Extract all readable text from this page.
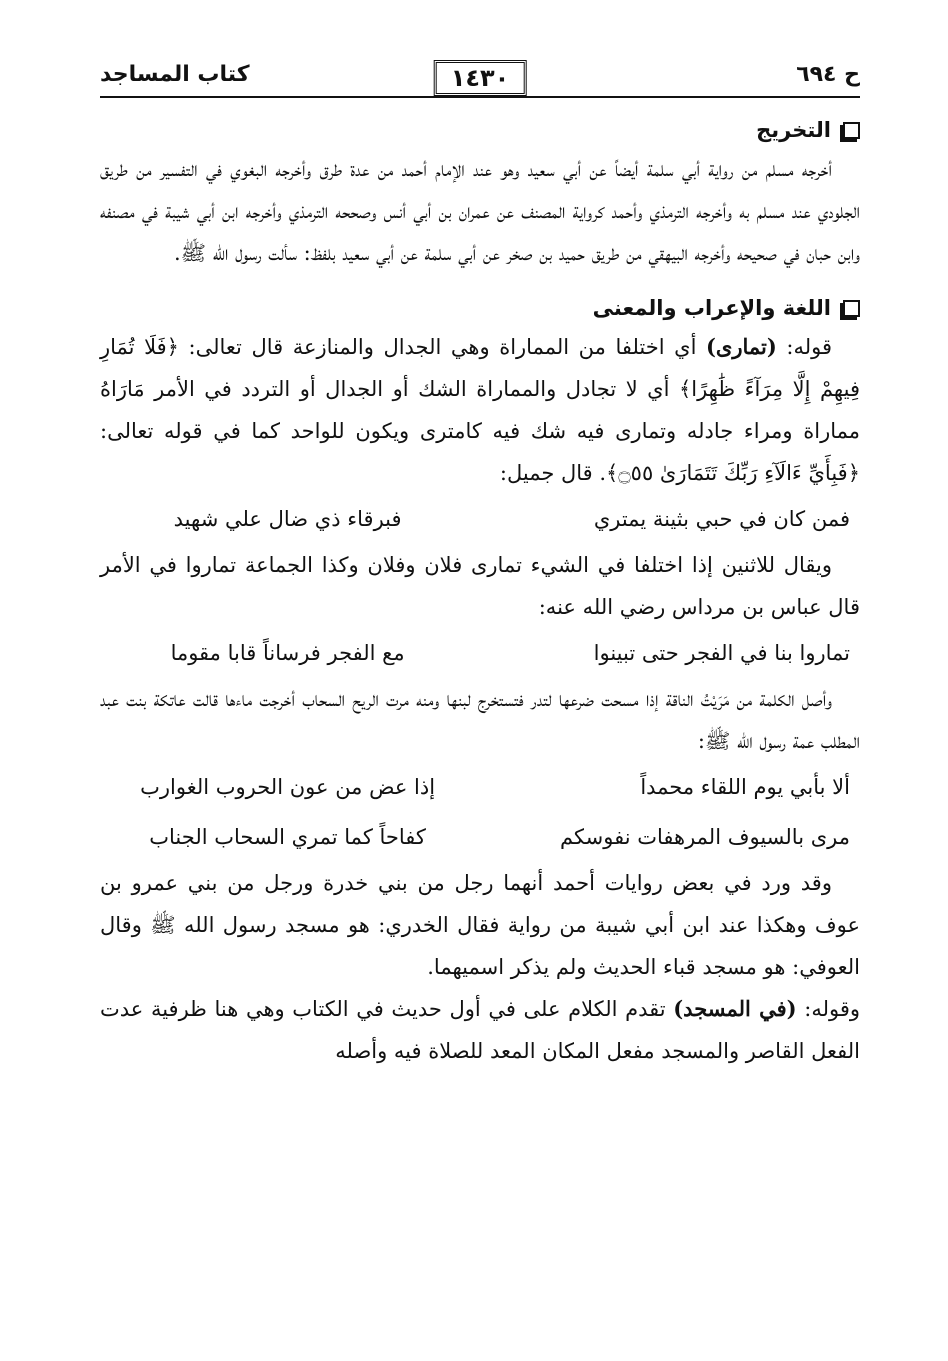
ح ٦٩٤
١٤٣٠
كتاب المساجد
التخريج

أخرجه مسلم من رواية أبي سلمة أيضاً عن أبي سعيد وهو عند الإمام أحمد من عدة طرق وأخرجه البغوي في التفسير من طريق الجلودي عند مسلم به وأخرجه الترمذي وأحمد كرواية المصنف عن عمران بن أبي أنس وصححه الترمذي وأخرجه ابن أبي شيبة في مصنفه وابن حبان في صحيحه وأخرجه البيهقي من طريق حميد بن صخر عن أبي سلمة عن أبي سعيد بلفظ: سألت رسول الله ﷺ.

اللغة والإعراب والمعنى

قوله: (تمارى) أي اختلفا من المماراة وهي الجدال والمنازعة قال تعالى: ﴿فَلَا تُمَارِ فِيهِمْ إِلَّا مِرَآءً ظَٰهِرًا﴾ أي لا تجادل والمماراة الشك أو الجدال أو التردد في الأمر مَارَاهُ مماراة ومراء جادله وتمارى فيه شك فيه كامترى ويكون للواحد كما في قوله تعالى: ﴿فَبِأَيِّ ءَالَآءِ رَبِّكَ تَتَمَارَىٰ ۝٥٥﴾. قال جميل:

فمن كان في حبي بثينة يمتري
فبرقاء ذي ضال علي شهيد

ويقال للاثنين إذا اختلفا في الشيء تمارى فلان وفلان وكذا الجماعة تماروا في الأمر قال عباس بن مرداس رضي الله عنه:

تماروا بنا في الفجر حتى تبينوا
مع الفجر فرساناً قابا مقوما

وأصل الكلمة من مَرَيْتُ الناقة إذا مسحت ضرعها لتدر فتستخرج لبنها ومنه مرت الريح السحاب أخرجت ماءها قالت عاتكة بنت عبد المطلب عمة رسول الله ﷺ:

ألا بأبي يوم اللقاء محمداً
إذا عض من عون الحروب الغوارب
مرى بالسيوف المرهفات نفوسكم
كفاحاً كما تمري السحاب الجناب

وقد ورد في بعض روايات أحمد أنهما رجل من بني خدرة ورجل من بني عمرو بن عوف وهكذا عند ابن أبي شيبة من رواية فقال الخدري: هو مسجد رسول الله ﷺ وقال العوفي: هو مسجد قباء الحديث ولم يذكر اسميهما.

وقوله: (في المسجد) تقدم الكلام على في أول حديث في الكتاب وهي هنا ظرفية عدت الفعل القاصر والمسجد مفعل المكان المعد للصلاة فيه وأصله
